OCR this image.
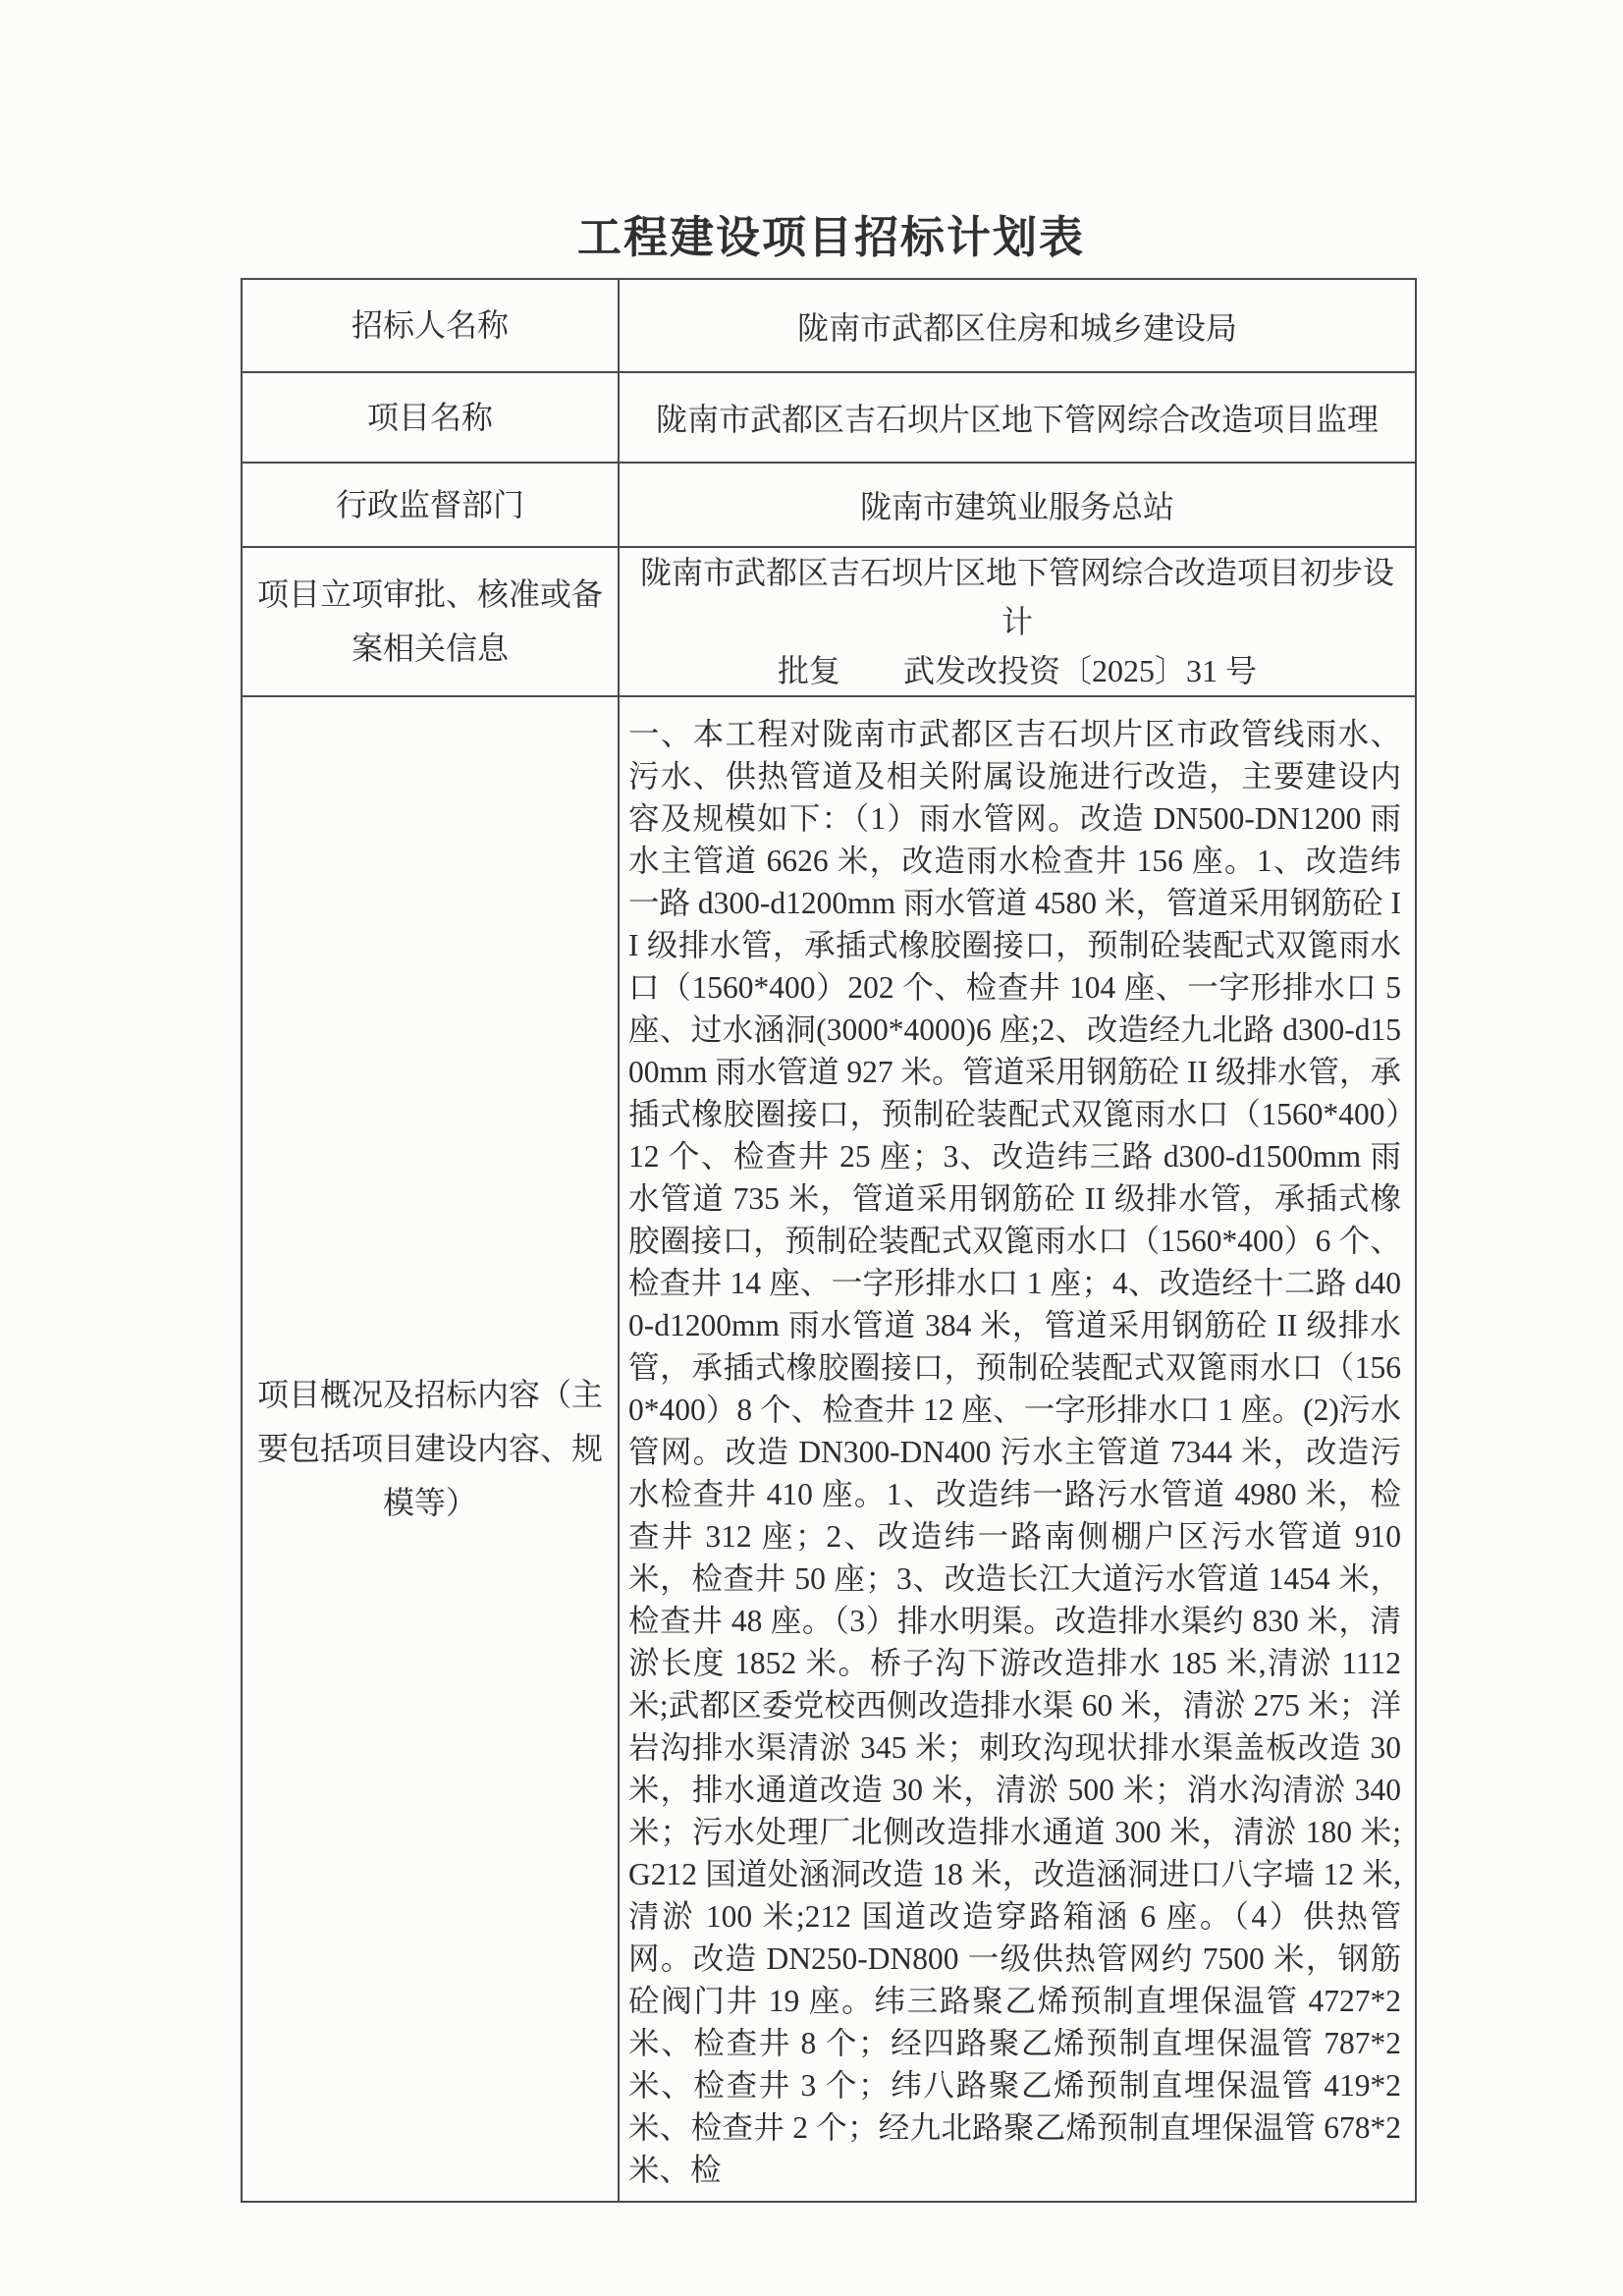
工程建设项目招标计划表
招标人名称	陇南市武都区住房和城乡建设局
项目名称	陇南市武都区吉石坝片区地下管网综合改造项目监理
行政监督部门	陇南市建筑业服务总站
项目立项审批、核准或备案相关信息	陇南市武都区吉石坝片区地下管网综合改造项目初步设计
批复　　武发改投资〔2025〕31 号

项目概况及招标内容（主要包括项目建设内容、规模等）	一、本工程对陇南市武都区吉石坝片区市政管线雨水、污水、供热管道及相关附属设施进行改造，主要建设内容及规模如下：（1）雨水管网。改造 DN500-DN1200 雨水主管道 6626 米，改造雨水检查井 156 座。1、改造纬一路 d300-d1200mm 雨水管道 4580 米，管道采用钢筋砼 II 级排水管，承插式橡胶圈接口，预制砼装配式双篦雨水口（1560*400）202 个、检查井 104 座、一字形排水口 5 座、过水涵洞(3000*4000)6 座;2、改造经九北路 d300-d1500mm 雨水管道 927 米。管道采用钢筋砼 II 级排水管，承插式橡胶圈接口，预制砼装配式双篦雨水口（1560*400）12 个、检查井 25 座；3、改造纬三路 d300-d1500mm 雨水管道 735 米，管道采用钢筋砼 II 级排水管，承插式橡胶圈接口，预制砼装配式双篦雨水口（1560*400）6 个、检查井 14 座、一字形排水口 1 座；4、改造经十二路 d400-d1200mm 雨水管道 384 米，管道采用钢筋砼 II 级排水管，承插式橡胶圈接口，预制砼装配式双篦雨水口（1560*400）8 个、检查井 12 座、一字形排水口 1 座。(2)污水管网。改造 DN300-DN400 污水主管道 7344 米，改造污水检查井 410 座。1、改造纬一路污水管道 4980 米，检查井 312 座；2、改造纬一路南侧棚户区污水管道 910 米，检查井 50 座；3、改造长江大道污水管道 1454 米，检查井 48 座。（3）排水明渠。改造排水渠约 830 米，清淤长度 1852 米。桥子沟下游改造排水 185 米,清淤 1112 米;武都区委党校西侧改造排水渠 60 米，清淤 275 米；洋岩沟排水渠清淤 345 米；刺玫沟现状排水渠盖板改造 30 米，排水通道改造 30 米，清淤 500 米；消水沟清淤 340 米；污水处理厂北侧改造排水通道 300 米，清淤 180 米;G212 国道处涵洞改造 18 米，改造涵洞进口八字墙 12 米,清淤 100 米;212 国道改造穿路箱涵 6 座。（4）供热管网。改造 DN250-DN800 一级供热管网约 7500 米，钢筋砼阀门井 19 座。纬三路聚乙烯预制直埋保温管 4727*2 米、检查井 8 个；经四路聚乙烯预制直埋保温管 787*2 米、检查井 3 个；纬八路聚乙烯预制直埋保温管 419*2 米、检查井 2 个；经九北路聚乙烯预制直埋保温管 678*2 米、检
